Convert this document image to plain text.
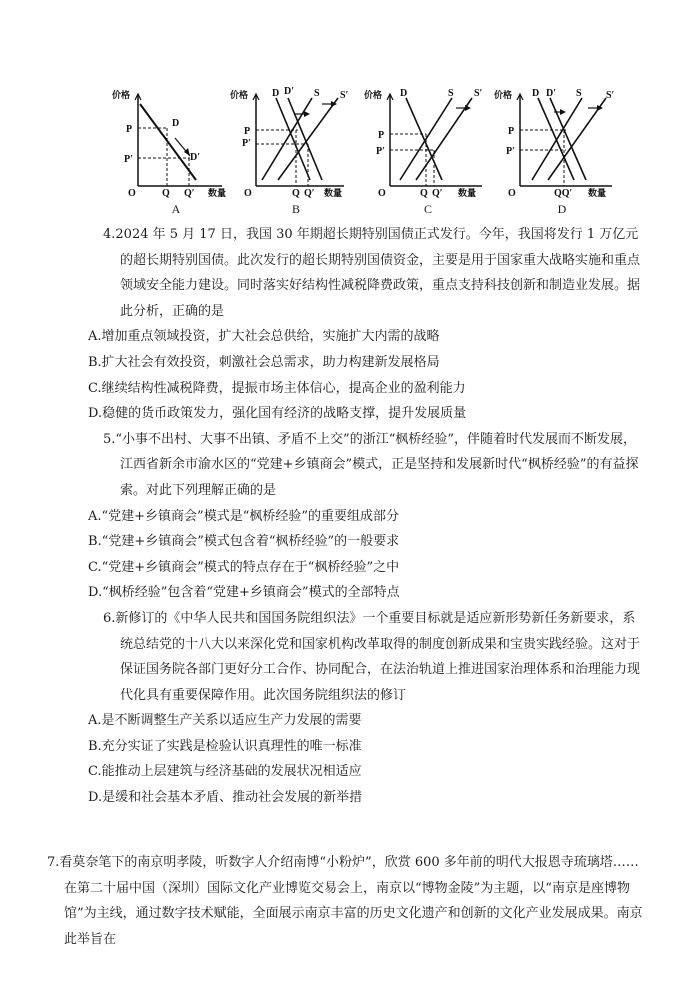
价格
P
P′
D
D′
O	Q Q′ 数量
A
价格 D D′ S S′
P
P′
O	Q Q′ 数量
B
价格 D	S S′
P
P′
O	Q Q′ 数量
C
价格 D D′ S S′
P
P′
O	QQ′ 数量
D

4.2024 年 5 月 17 日，我国 30 年期超长期特别国债正式发行。今年，我国将发行 1 万亿元的超长期特别国债。此次发行的超长期特别国债资金，主要是用于国家重大战略实施和重点领域安全能力建设。同时落实好结构性减税降费政策，重点支持科技创新和制造业发展。据此分析，正确的是

A.增加重点领域投资，扩大社会总供给，实施扩大内需的战略

B.扩大社会有效投资，刺激社会总需求，助力构建新发展格局

C.继续结构性减税降费，提振市场主体信心，提高企业的盈利能力

D.稳健的货币政策发力，强化国有经济的战略支撑，提升发展质量

5.“小事不出村、大事不出镇、矛盾不上交”的浙江“枫桥经验”，伴随着时代发展而不断发展，江西省新余市渝水区的“党建+乡镇商会”模式，正是坚持和发展新时代“枫桥经验”的有益探索。对此下列理解正确的是

A.“党建+乡镇商会”模式是“枫桥经验”的重要组成部分

B.“党建+乡镇商会”模式包含着“枫桥经验”的一般要求

C.“党建+乡镇商会”模式的特点存在于“枫桥经验”之中

D.“枫桥经验”包含着“党建+乡镇商会”模式的全部特点

6.新修订的《中华人民共和国国务院组织法》一个重要目标就是适应新形势新任务新要求，系统总结党的十八大以来深化党和国家机构改革取得的制度创新成果和宝贵实践经验。这对于保证国务院各部门更好分工合作、协同配合，在法治轨道上推进国家治理体系和治理能力现代化具有重要保障作用。此次国务院组织法的修订

A.是不断调整生产关系以适应生产力发展的需要

B.充分实证了实践是检验认识真理性的唯一标准

C.能推动上层建筑与经济基础的发展状况相适应

D.是缓和社会基本矛盾、推动社会发展的新举措

7.看莫奈笔下的南京明孝陵，听数字人介绍南博“小粉炉”，欣赏 600 多年前的明代大报恩寺琉璃塔……在第二十届中国（深圳）国际文化产业博览交易会上，南京以“博物金陵”为主题，以“南京是座博物馆”为主线，通过数字技术赋能，全面展示南京丰富的历史文化遗产和创新的文化产业发展成果。南京此举旨在
